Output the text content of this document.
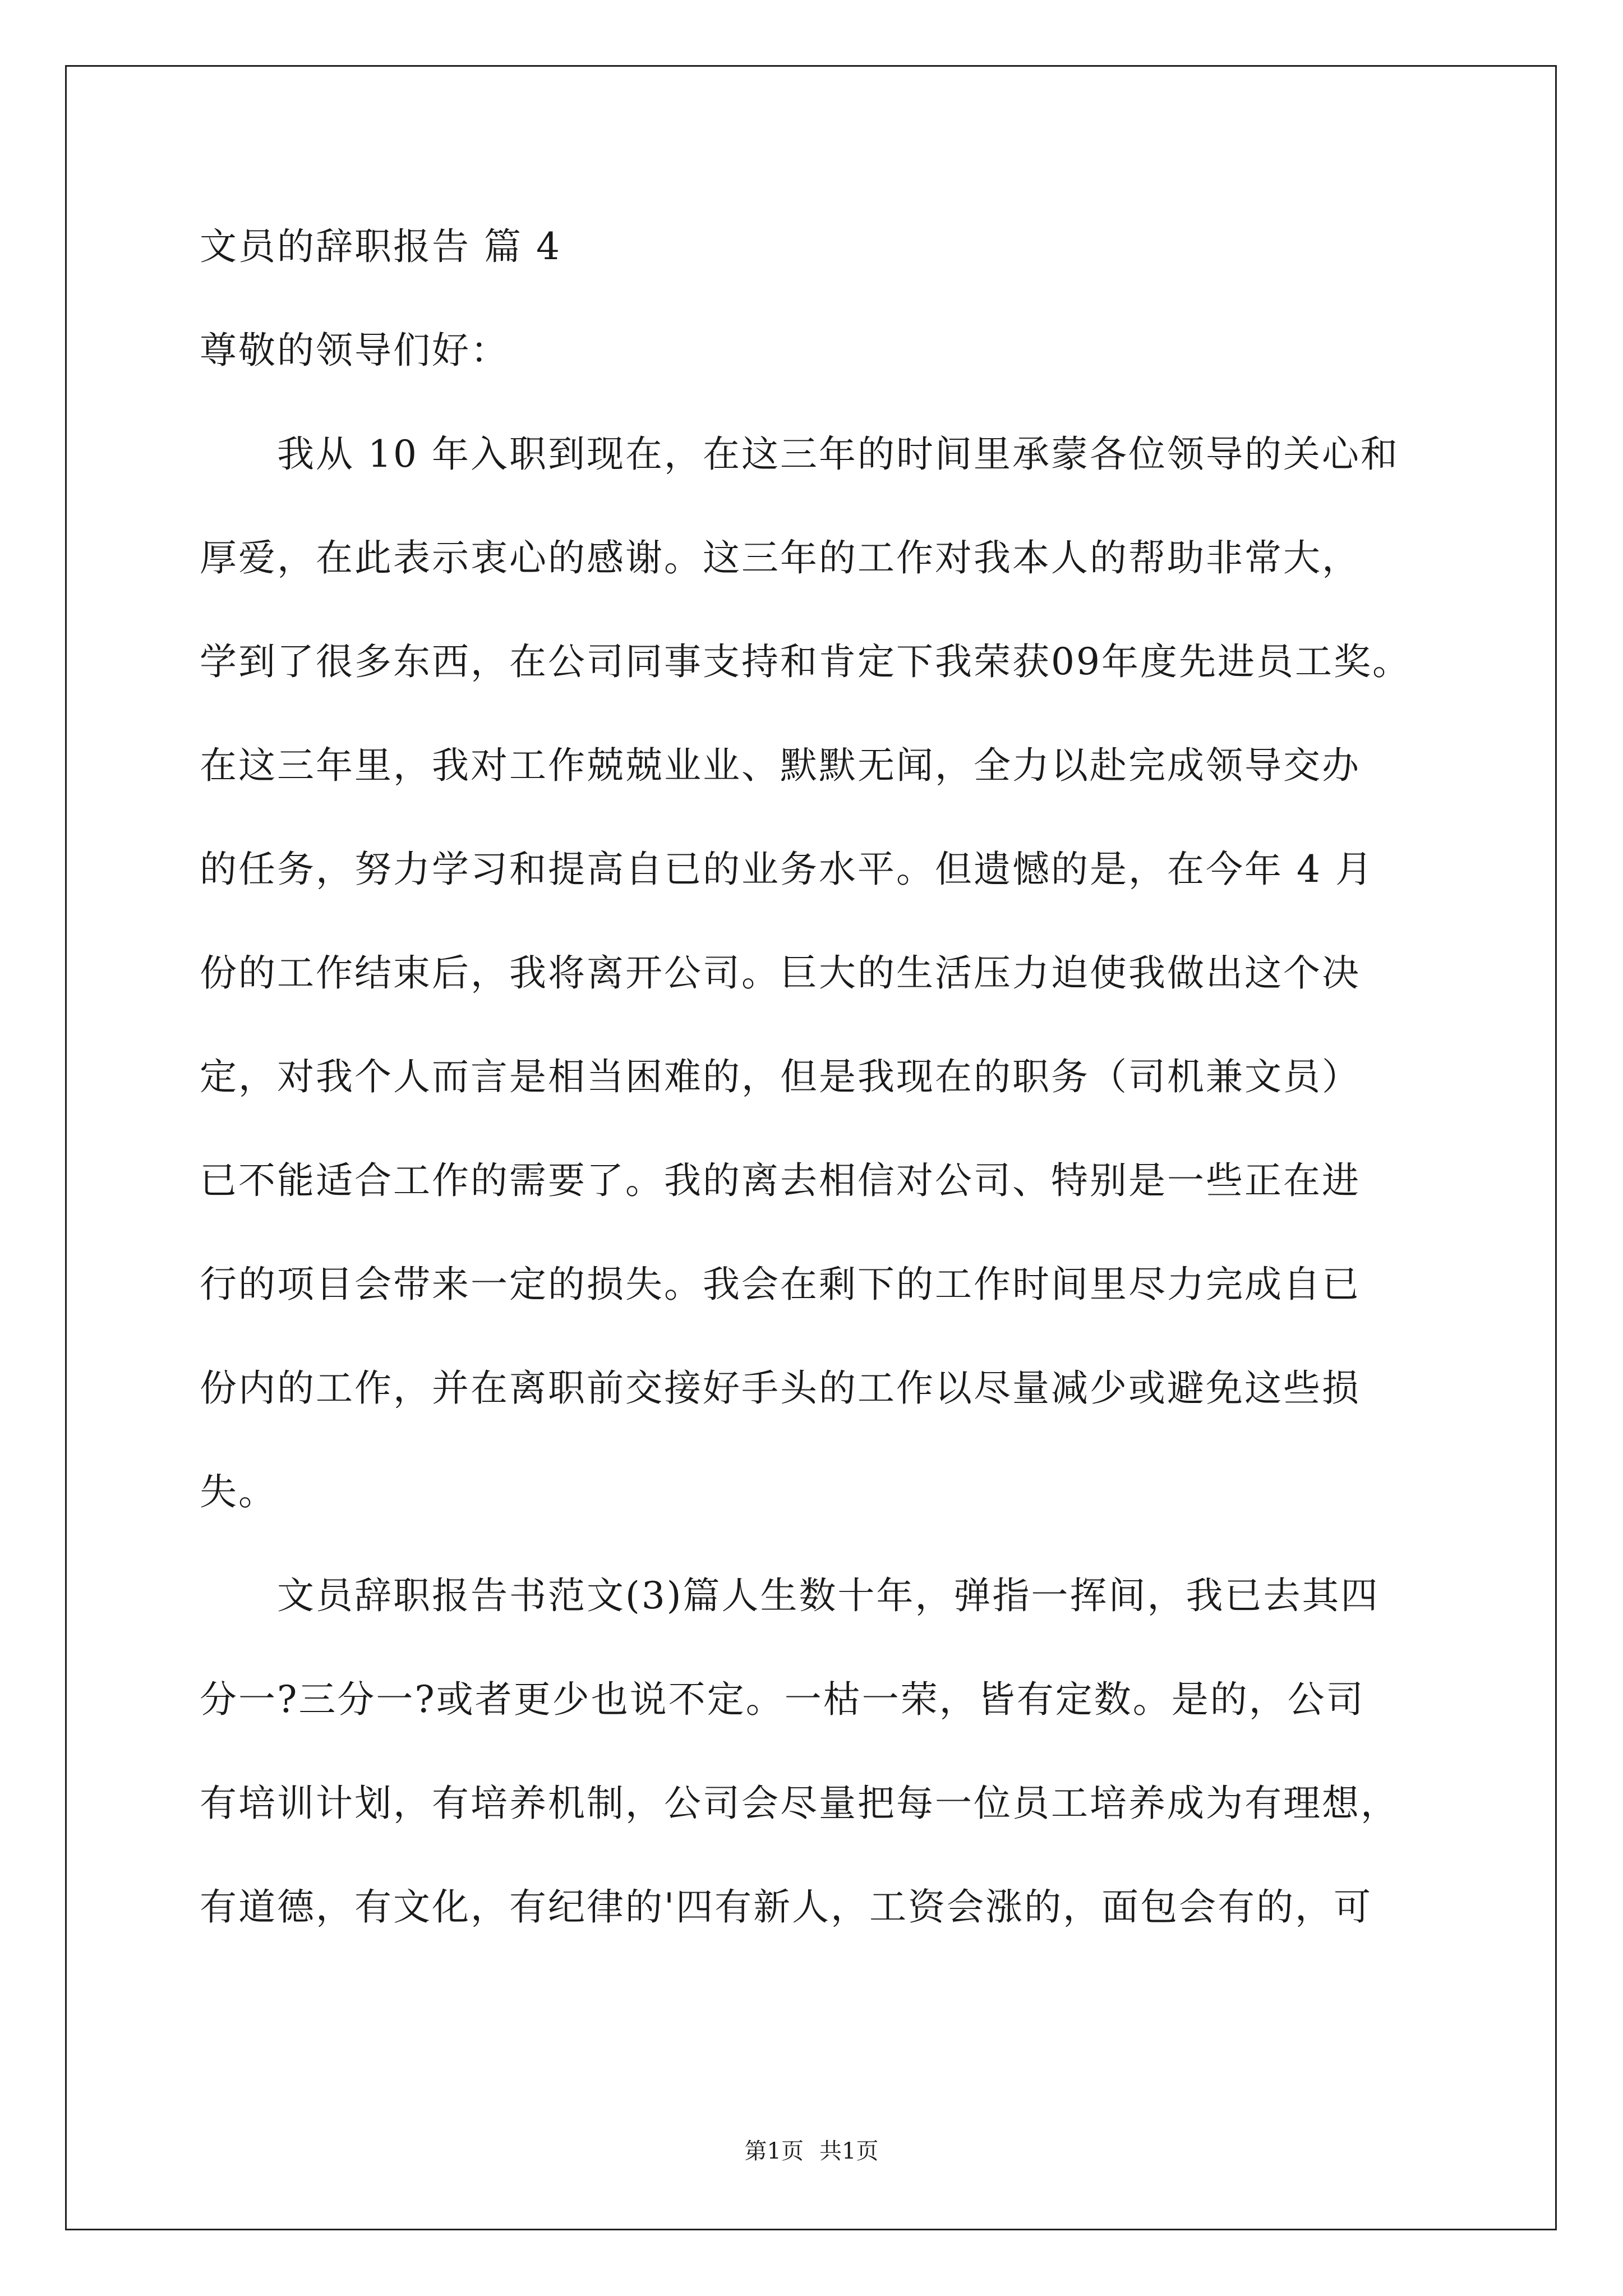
文员的辞职报告 篇 4
尊敬的领导们好：
　　我从 10 年入职到现在，在这三年的时间里承蒙各位领导的关心和
厚爱，在此表示衷心的感谢。这三年的工作对我本人的帮助非常大，
学到了很多东西，在公司同事支持和肯定下我荣获09年度先进员工奖。
在这三年里，我对工作兢兢业业、默默无闻，全力以赴完成领导交办
的任务，努力学习和提高自已的业务水平。但遗憾的是，在今年 4 月
份的工作结束后，我将离开公司。巨大的生活压力迫使我做出这个决
定，对我个人而言是相当困难的，但是我现在的职务（司机兼文员）
已不能适合工作的需要了。我的离去相信对公司、特别是一些正在进
行的项目会带来一定的损失。我会在剩下的工作时间里尽力完成自已
份内的工作，并在离职前交接好手头的工作以尽量减少或避免这些损
失。
　　文员辞职报告书范文(3)篇人生数十年，弹指一挥间，我已去其四
分一?三分一?或者更少也说不定。一枯一荣，皆有定数。是的，公司
有培训计划，有培养机制，公司会尽量把每一位员工培养成为有理想，
有道德，有文化，有纪律的'四有新人，工资会涨的，面包会有的，可
第1页 共1页
